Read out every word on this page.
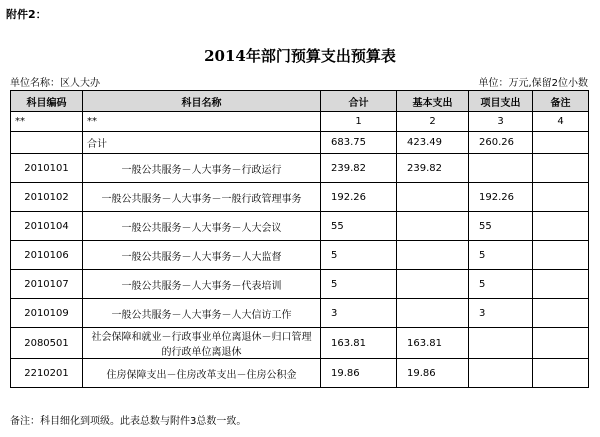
附件2：
2014年部门预算支出预算表
单位名称：区人大办	单位：万元,保留2位小数
科目编码	科目名称	合计	基本支出	项目支出	备注
**	**	1	2	3	4
	合计	683.75	423.49	260.26	
2010101	一般公共服务－人大事务－行政运行	239.82	239.82		
2010102	一般公共服务－人大事务－一般行政管理事务	192.26		192.26	
2010104	一般公共服务－人大事务－人大会议	55		55	
2010106	一般公共服务－人大事务－人大监督	5		5	
2010107	一般公共服务－人大事务－代表培训	5		5	
2010109	一般公共服务－人大事务－人大信访工作	3		3	
2080501	社会保障和就业－行政事业单位离退休－归口管理的行政单位离退休	163.81	163.81		
2210201	住房保障支出－住房改革支出－住房公积金	19.86	19.86		
备注：科目细化到项级。此表总数与附件3总数一致。
